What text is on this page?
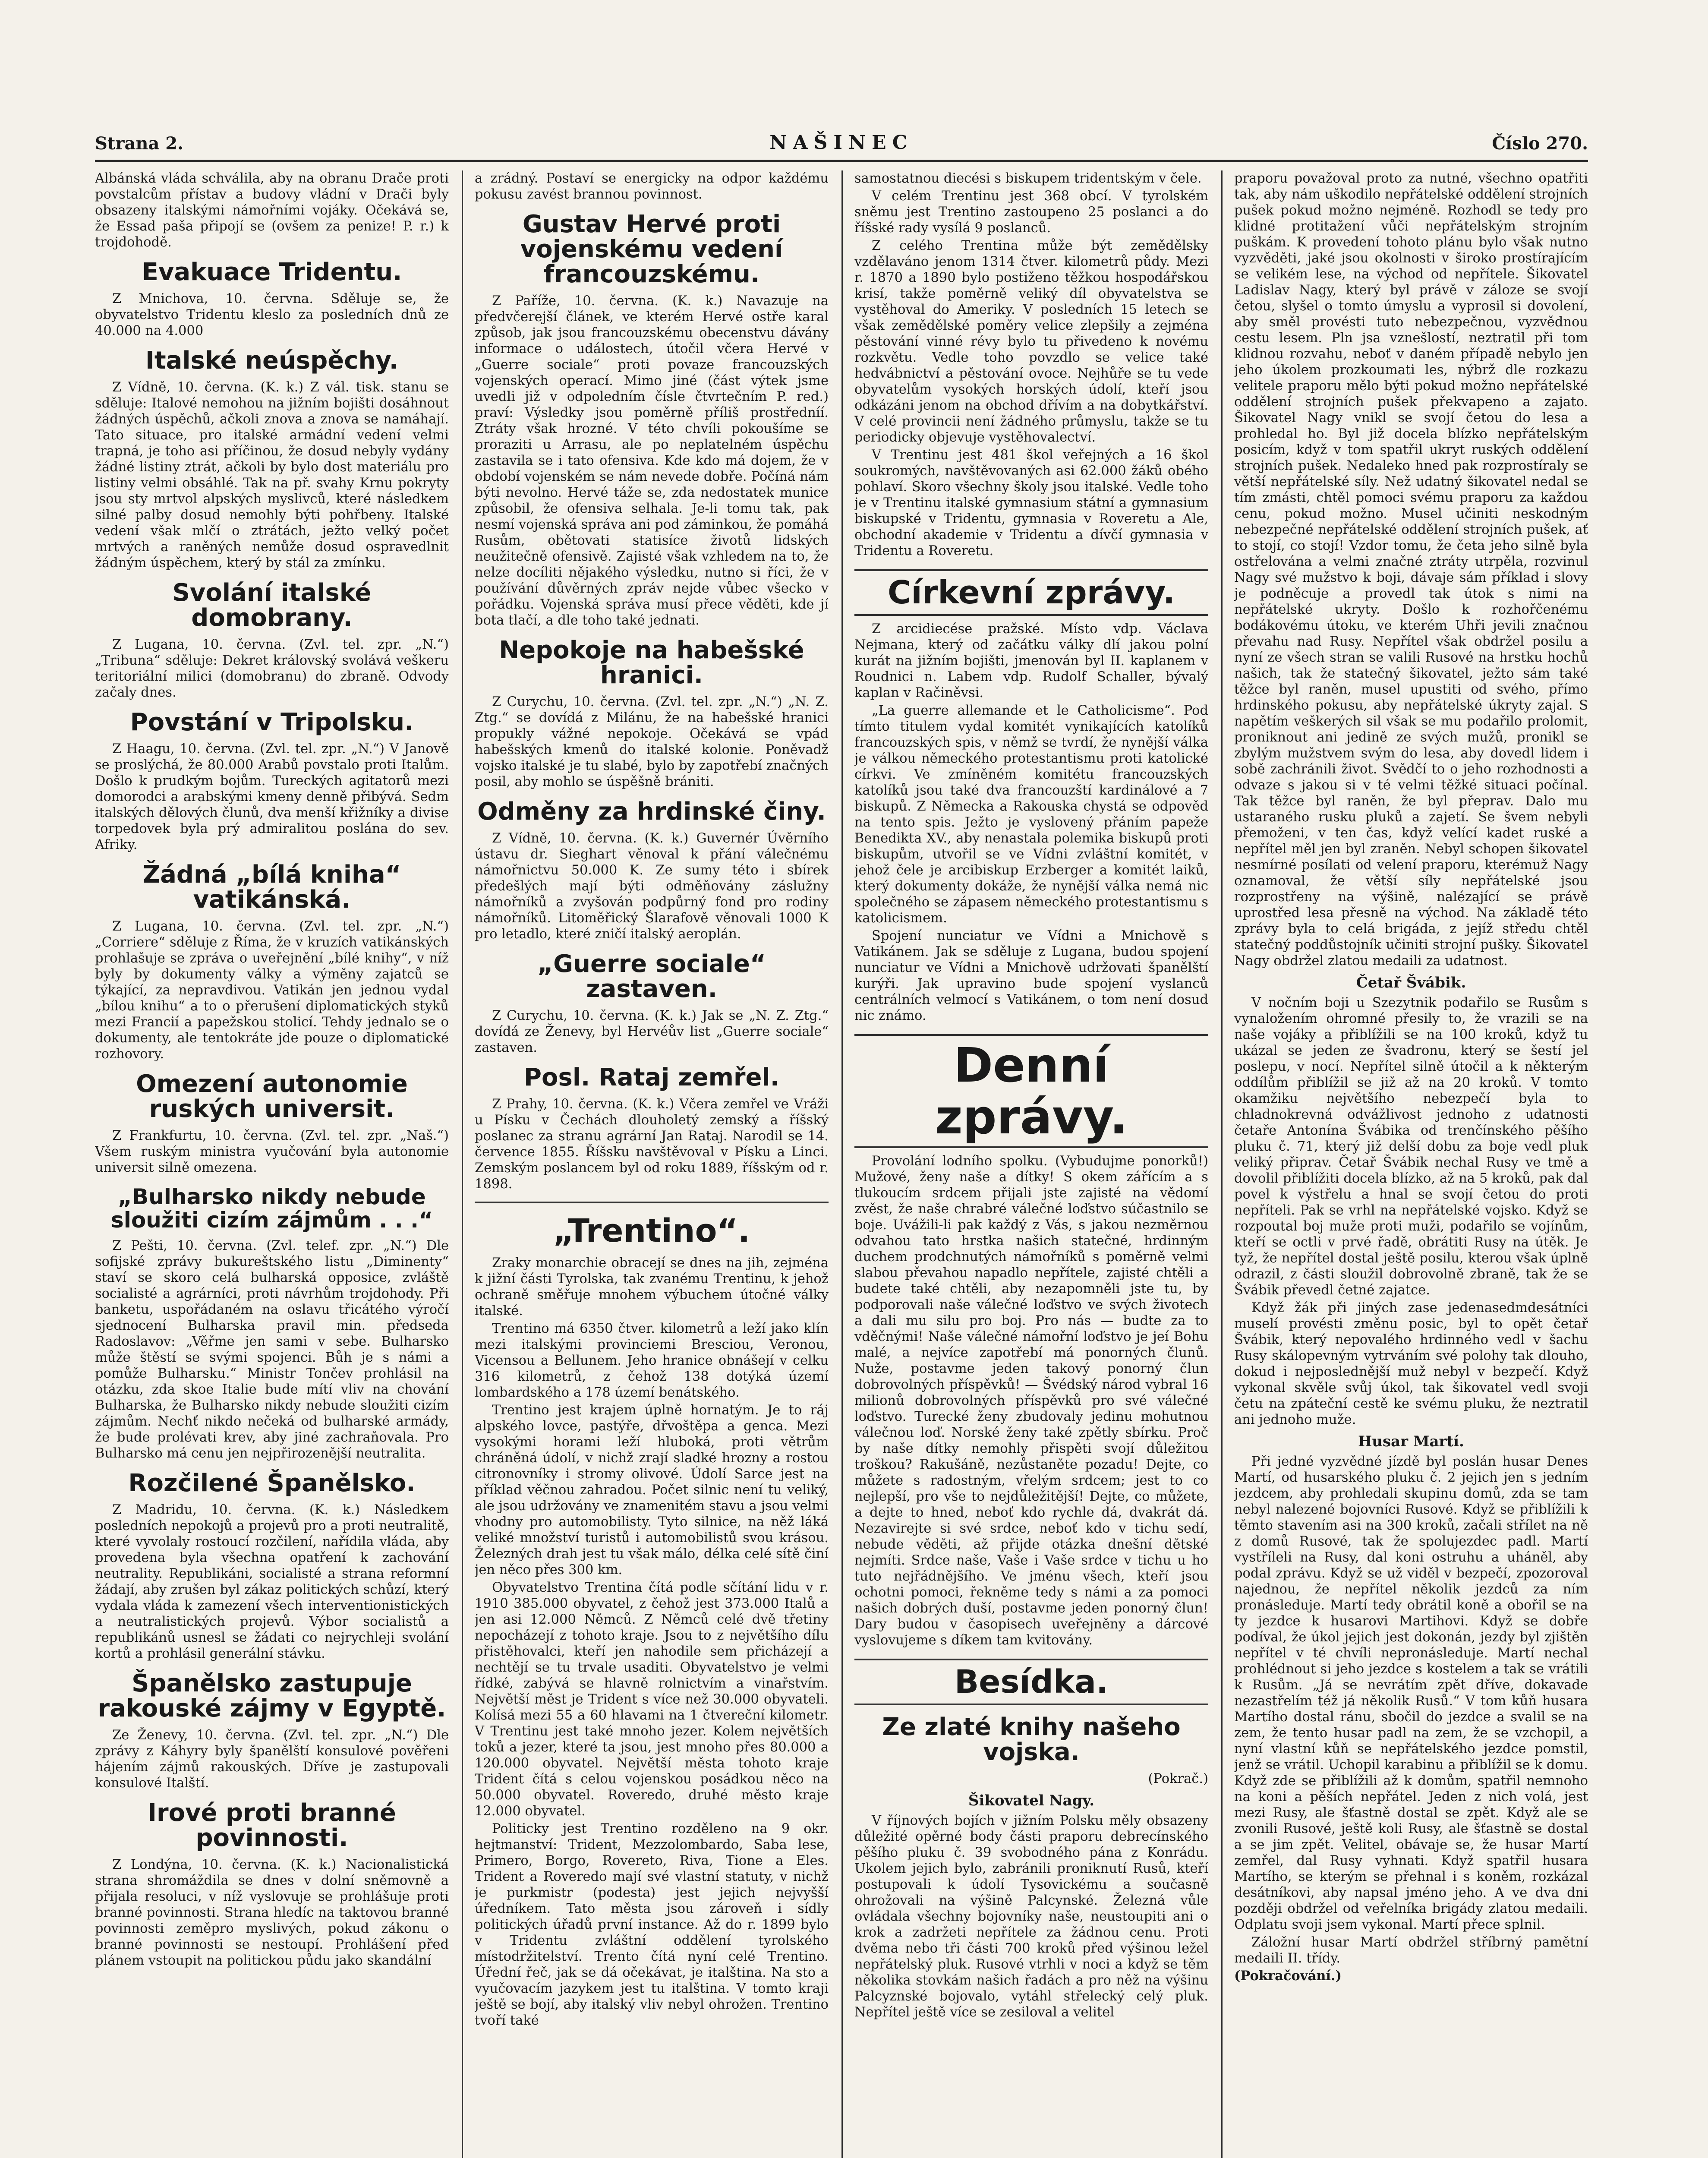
Strana 2.	NAŠINEC	Číslo 270.

Albánská vláda schválila, aby na obranu Drače proti povstalcům přístav a budovy vládní v Drači byly obsazeny italskými námořními vojáky. Očekává se, že Essad paša připojí se (ovšem za penize! P. r.) k trojdohodě.

Evakuace Tridentu.

Z Mnichova, 10. června. Sděluje se, že obyvatelstvo Tridentu kleslo za posledních dnů ze 40.000 na 4.000

Italské neúspěchy.

Z Vídně, 10. června. (K. k.) Z vál. tisk. stanu se sděluje: Italové nemohou na jižním bojišti dosáhnout žádných úspěchů, ačkoli znova a znova se namáhají. Tato situace, pro italské armádní vedení velmi trapná, je toho asi příčinou, že dosud nebyly vydány žádné listiny ztrát, ačkoli by bylo dost materiálu pro listiny velmi obsáhlé. Tak na př. svahy Krnu pokryty jsou sty mrtvol alpských myslivců, které následkem silné palby dosud nemohly býti pohřbeny. Italské vedení však mlčí o ztrátách, ježto velký počet mrtvých a raněných nemůže dosud ospravedlnit žádným úspěchem, který by stál za zmínku.

Svolání italské domobrany.

Z Lugana, 10. června. (Zvl. tel. zpr. „N.“) „Tribuna“ sděluje: Dekret královský svolává veškeru teritoriální milici (domobranu) do zbraně. Odvody začaly dnes.

Povstání v Tripolsku.

Z Haagu, 10. června. (Zvl. tel. zpr. „N.“) V Janově se proslýchá, že 80.000 Arabů povstalo proti Italům. Došlo k prudkým bojům. Tureckých agitatorů mezi domorodci a arabskými kmeny denně přibývá. Sedm italských dělových člunů, dva menší křižníky a divise torpedovek byla prý admiralitou poslána do sev. Afriky.

Žádná „bílá kniha“ vatikánská.

Z Lugana, 10. června. (Zvl. tel. zpr. „N.“) „Corriere“ sděluje z Říma, že v kruzích vatikánských prohlašuje se zpráva o uveřejnění „bílé knihy“, v níž byly by dokumenty války a výměny zajatců se týkající, za nepravdivou. Vatikán jen jednou vydal „bílou knihu“ a to o přerušení diplomatických styků mezi Francií a papežskou stolicí. Tehdy jednalo se o dokumenty, ale tentokráte jde pouze o diplomatické rozhovory.

Omezení autonomie ruských universit.

Z Frankfurtu, 10. června. (Zvl. tel. zpr. „Naš.“) Všem ruským ministra vyučování byla autonomie universit silně omezena.

„Bulharsko nikdy nebude sloužiti cizím zájmům . . .“

Z Pešti, 10. června. (Zvl. telef. zpr. „N.“) Dle sofijské zprávy bukureštského listu „Diminenty“ staví se skoro celá bulharská opposice, zvláště socialisté a agrárníci, proti návrhům trojdohody. Při banketu, uspořádaném na oslavu třicátého výročí sjednocení Bulharska pravil min. předseda Radoslavov: „Věřme jen sami v sebe. Bulharsko může štěstí se svými spojenci. Bůh je s námi a pomůže Bulharsku.“ Ministr Tončev prohlásil na otázku, zda skoe Italie bude mítí vliv na chování Bulharska, že Bulharsko nikdy nebude sloužiti cizím zájmům. Nechť nikdo nečeká od bulharské armády, že bude prolévati krev, aby jiné zachraňovala. Pro Bulharsko má cenu jen nejpřirozenější neutralita.

Rozčilené Španělsko.

Z Madridu, 10. června. (K. k.) Následkem posledních nepokojů a projevů pro a proti neutralitě, které vyvolaly rostoucí rozčilení, nařídila vláda, aby provedena byla všechna opatření k zachování neutrality. Republikáni, socialisté a strana reformní žádají, aby zrušen byl zákaz politických schůzí, který vydala vláda k zamezení všech interventionistických a neutralistických projevů. Výbor socialistů a republikánů usnesl se žádati co nejrychleji svolání kortů a prohlásil generální stávku.

Španělsko zastupuje rakouské zájmy v Egyptě.

Ze Ženevy, 10. června. (Zvl. tel. zpr. „N.“) Dle zprávy z Káhyry byly španělští konsulové pověřeni hájením zájmů rakouských. Dříve je zastupovali konsulové Italští.

Irové proti branné povinnosti.

Z Londýna, 10. června. (K. k.) Nacionalistická strana shromáždila se dnes v dolní sněmovně a přijala resoluci, v níž vyslovuje se prohlášuje proti branné povinnosti. Strana hledíc na taktovou branné povinnosti zeměpro myslivých, pokud zákonu o branné povinnosti se nestoupí. Prohlášení před plánem vstoupit na politickou půdu jako skandální

a zrádný. Postaví se energicky na odpor každému pokusu zavést brannou povinnost.

Gustav Hervé proti vojenskému vedení francouzskému.

Z Paříže, 10. června. (K. k.) Navazuje na předvčerejší článek, ve kterém Hervé ostře karal způsob, jak jsou francouzskému obecenstvu dávány informace o událostech, útočil včera Hervé v „Guerre sociale“ proti povaze francouzských vojenských operací. Mimo jiné (část výtek jsme uvedli již v odpoledním čísle čtvrtečním P. red.) praví: Výsledky jsou poměrně příliš prostředníí. Ztráty však hrozné. V této chvíli pokoušíme se proraziti u Arrasu, ale po neplatelném úspěchu zastavila se i tato ofensiva. Kde kdo má dojem, že v období vojenském se nám nevede dobře. Počíná nám býti nevolno. Hervé táže se, zda nedostatek munice způsobil, že ofensiva selhala. Je-li tomu tak, pak nesmí vojenská správa ani pod záminkou, že pomáhá Rusům, obětovati statisíce životů lidských neužitečně ofensivě. Zajisté však vzhledem na to, že nelze docíliti nějakého výsledku, nutno si říci, že v používání důvěrných zpráv nejde vůbec všecko v pořádku. Vojenská správa musí přece věděti, kde jí bota tlačí, a dle toho také jednati.

Nepokoje na habešské hranici.

Z Curychu, 10. června. (Zvl. tel. zpr. „N.“) „N. Z. Ztg.“ se dovídá z Milánu, že na habešské hranici propukly vážné nepokoje. Očekává se vpád habešských kmenů do italské kolonie. Poněvadž vojsko italské je tu slabé, bylo by zapotřebí značných posil, aby mohlo se úspěšně brániti.

Odměny za hrdinské činy.

Z Vídně, 10. června. (K. k.) Guvernér Úvěrního ústavu dr. Sieghart věnoval k přání válečnému námořnictvu 50.000 K. Ze sumy této i sbírek předešlých mají býti odměňovány záslužny námořníků a zvyšován podpůrný fond pro rodiny námořníků. Litoměřický Šlarafově věnovali 1000 K pro letadlo, které zničí italský aeroplán.

„Guerre sociale“ zastaven.

Z Curychu, 10. června. (K. k.) Jak se „N. Z. Ztg.“ dovídá ze Ženevy, byl Hervéův list „Guerre sociale“ zastaven.

Posl. Rataj zemřel.

Z Prahy, 10. června. (K. k.) Včera zemřel ve Vráži u Písku v Čechách dlouholetý zemský a říšský poslanec za stranu agrární Jan Rataj. Narodil se 14. července 1855. Říšsku navštěvoval v Písku a Linci. Zemským poslancem byl od roku 1889, říšským od r. 1898.

„Trentino“.

Zraky monarchie obracejí se dnes na jih, zejména k jižní části Tyrolska, tak zvanému Trentinu, k jehož ochraně směřuje mnohem výbuchem útočné války italské.

Trentino má 6350 čtver. kilometrů a leží jako klín mezi italskými provinciemi Bresciou, Veronou, Vicensou a Bellunem. Jeho hranice obnášejí v celku 316 kilometrů, z čehož 138 dotýká území lombardského a 178 území benátského.

Trentino jest krajem úplně hornatým. Je to ráj alpského lovce, pastýře, dřvoštěpa a genca. Mezi vysokými horami leží hluboká, proti větrům chráněná údolí, v nichž zrají sladké hrozny a rostou citronovníky i stromy olivové. Údolí Sarce jest na příklad věčnou zahradou. Počet silnic není tu veliký, ale jsou udržovány ve znamenitém stavu a jsou velmi vhodny pro automobilisty. Tyto silnice, na něž láká veliké množství turistů i automobilistů svou krásou. Železných drah jest tu však málo, délka celé sítě činí jen něco přes 300 km.

Obyvatelstvo Trentina čítá podle sčítání lidu v r. 1910 385.000 obyvatel, z čehož jest 373.000 Italů a jen asi 12.000 Němců. Z Němců celé dvě třetiny nepocházejí z tohoto kraje. Jsou to z největšího dílu přistěhovalci, kteří jen nahodile sem přicházejí a nechtějí se tu trvale usaditi. Obyvatelstvo je velmi řídké, zabývá se hlavně rolnictvím a vinařstvím. Největší měst je Trident s více než 30.000 obyvateli. Kolísá mezi 55 a 60 hlavami na 1 čtvereční kilometr. V Trentinu jest také mnoho jezer. Kolem největších toků a jezer, které ta jsou, jest mnoho přes 80.000 a 120.000 obyvatel. Největší města tohoto kraje Trident čítá s celou vojenskou posádkou něco na 50.000 obyvatel. Roveredo, druhé město kraje 12.000 obyvatel.

Politicky jest Trentino rozděleno na 9 okr. hejtmanství: Trident, Mezzolombardo, Saba lese, Primero, Borgo, Rovereto, Riva, Tione a Eles. Trident a Roveredo mají své vlastní statuty, v nichž je purkmistr (podesta) jest jejich nejvyšší úředníkem. Tato města jsou zároveň i sídly politických úřadů první instance. Až do r. 1899 bylo v Tridentu zvláštní oddělení tyrolského místodržitelství. Trento čítá nyní celé Trentino. Úřední řeč, jak se dá očekávat, je italština. Na sto a vyučovacím jazykem jest tu italština. V tomto kraji ještě se bojí, aby italský vliv nebyl ohrožen. Trentino tvoří také

samostatnou diecési s biskupem tridentským v čele.

V celém Trentinu jest 368 obcí. V tyrolském sněmu jest Trentino zastoupeno 25 poslanci a do říšské rady vysílá 9 poslanců.

Z celého Trentina může být zemědělsky vzdělaváno jenom 1314 čtver. kilometrů půdy. Mezi r. 1870 a 1890 bylo postiženo těžkou hospodářskou krisí, takže poměrně veliký díl obyvatelstva se vystěhoval do Ameriky. V posledních 15 letech se však zemědělské poměry velice zlepšily a zejména pěstování vinné révy bylo tu přivedeno k novému rozkvětu. Vedle toho povzdlo se velice také hedvábnictví a pěstování ovoce. Nejhůře se tu vede obyvatelům vysokých horských údolí, kteří jsou odkázáni jenom na obchod dřívím a na dobytkářství. V celé provincii není žádného průmyslu, takže se tu periodicky objevuje vystěhovalectví.

V Trentinu jest 481 škol veřejných a 16 škol soukromých, navštěvovaných asi 62.000 žáků obého pohlaví. Skoro všechny školy jsou italské. Vedle toho je v Trentinu italské gymnasium státní a gymnasium biskupské v Tridentu, gymnasia v Roveretu a Ale, obchodní akademie v Tridentu a dívčí gymnasia v Tridentu a Roveretu.

Církevní zprávy.

Z arcidiecése pražské. Místo vdp. Václava Nejmana, který od začátku války dlí jakou polní kurát na jižním bojišti, jmenován byl II. kaplanem v Roudnici n. Labem vdp. Rudolf Schaller, bývalý kaplan v Račiněvsi.

„La guerre allemande et le Catholicisme“. Pod tímto titulem vydal komitét vynikajících katolíků francouzských spis, v němž se tvrdí, že nynější válka je válkou německého protestantismu proti katolické církvi. Ve zmíněném komitétu francouzských katolíků jsou také dva francouzští kardinálové a 7 biskupů. Z Německa a Rakouska chystá se odpověď na tento spis. Ježto je vyslovený přáním papeže Benedikta XV., aby nenastala polemika biskupů proti biskupům, utvořil se ve Vídni zvláštní komitét, v jehož čele je arcibiskup Erzberger a komitét laiků, který dokumenty dokáže, že nynější válka nemá nic společného se zápasem německého protestantismu s katolicismem.

Spojení nunciatur ve Vídni a Mnichově s Vatikánem. Jak se sděluje z Lugana, budou spojení nunciatur ve Vídni a Mnichově udržovati španělští kurýři. Jak upravino bude spojení vyslanců centrálních velmocí s Vatikánem, o tom není dosud nic známo.

Denní zprávy.

Provolání lodního spolku. (Vybudujme ponorků!) Mužové, ženy naše a dítky! S okem zářícím a s tlukoucím srdcem přijali jste zajisté na vědomí zvěst, že naše chrabré válečné loďstvo súčastnilo se boje. Uvážili-li pak každý z Vás, s jakou nezměrnou odvahou tato hrstka našich statečné, hrdinným duchem prodchnutých námořníků s poměrně velmi slabou převahou napadlo nepřítele, zajisté chtěli a budete také chtěli, aby nezapomněli jste tu, by podporovali naše válečné loďstvo ve svých životech a dali mu silu pro boj. Pro nás — budte za to vděčnými! Naše válečné námořní loďstvo je jeí Bohu malé, a nejvíce zapotřebí má ponorných člunů. Nuže, postavme jeden takový ponorný člun dobrovolných příspěvků! — Švédský národ vybral 16 milionů dobrovolných příspěvků pro své válečné loďstvo. Turecké ženy zbudovaly jedinu mohutnou válečnou loď. Norské ženy také zpětly sbírku. Proč by naše dítky nemohly přispěti svojí důležitou troškou? Rakušáně, nezůstaněte pozadu! Dejte, co můžete s radostným, vřelým srdcem; jest to co nejlepší, pro vše to nejdůležitější! Dejte, co můžete, a dejte to hned, neboť kdo rychle dá, dvakrát dá. Nezavirejte si své srdce, neboť kdo v tichu sedí, nebude věděti, až přijde otázka dnešní dětské nejmíti. Srdce naše, Vaše i Vaše srdce v tichu u ho tuto nejřádnějšího. Ve jménu všech, kteří jsou ochotni pomoci, řekněme tedy s námi a za pomoci našich dobrých duší, postavme jeden ponorný člun! Dary budou v časopisech uveřejněny a dárcové vyslovujeme s díkem tam kvitovány.

Besídka.
Ze zlaté knihy našeho vojska.

(Pokrač.)

Šikovatel Nagy.

V říjnových bojích v jižním Polsku měly obsazeny důležité opěrné body části praporu debrecínského pěšího pluku č. 39 svobodného pána z Konrádu. Ukolem jejich bylo, zabránili proniknutí Rusů, kteří postupovali k údolí Tysovickému a současně ohrožovali na výšině Palcynské. Železná vůle ovládala všechny bojovníky naše, neustoupiti ani o krok a zadržeti nepřítele za žádnou cenu. Proti dvěma nebo tři části 700 kroků před výšinou ležel nepřátelský pluk. Rusové vtrhli v noci a když se těm několika stovkám našich řadách a pro něž na výšinu Palcyznské bojovalo, vytáhl střelecký celý pluk. Nepřítel ještě více se zesiloval a velitel

praporu považoval proto za nutné, všechno opatřiti tak, aby nám uškodilo nepřátelské oddělení strojních pušek pokud možno nejméně. Rozhodl se tedy pro klidné protitažení vůči nepřátelským strojním puškám. K provedení tohoto plánu bylo však nutno vyzvěděti, jaké jsou okolnosti v široko prostírajícím se velikém lese, na východ od nepřítele. Šikovatel Ladislav Nagy, který byl právě v záloze se svojí četou, slyšel o tomto úmyslu a vyprosil si dovolení, aby směl provésti tuto nebezpečnou, vyzvědnou cestu lesem. Pln jsa vznešlostí, neztratil při tom klidnou rozvahu, neboť v daném případě nebylo jen jeho úkolem prozkoumati les, nýbrž dle rozkazu velitele praporu mělo býti pokud možno nepřátelské oddělení strojních pušek překvapeno a zajato. Šikovatel Nagy vnikl se svojí četou do lesa a prohledal ho. Byl již docela blízko nepřátelským posicím, když v tom spatřil ukryt ruských oddělení strojních pušek. Nedaleko hned pak rozprostíraly se větší nepřátelské síly. Než udatný šikovatel nedal se tím zmásti, chtěl pomoci svému praporu za každou cenu, pokud možno. Musel učiniti neskodným nebezpečné nepřátelské oddělení strojních pušek, ať to stojí, co stojí! Vzdor tomu, že četa jeho silně byla ostřelována a velmi značné ztráty utrpěla, rozvinul Nagy své mužstvo k boji, dávaje sám příklad i slovy je podněcuje a provedl tak útok s nimi na nepřátelské ukryty. Došlo k rozhořčenému bodákovému útoku, ve kterém Uhři jevili značnou převahu nad Rusy. Nepřítel však obdržel posilu a nyní ze všech stran se valili Rusové na hrstku hochů našich, tak že statečný šikovatel, ježto sám také těžce byl raněn, musel upustiti od svého, přímo hrdinského pokusu, aby nepřátelské úkryty zajal. S napětím veškerých sil však se mu podařilo prolomit, proniknout ani jedině ze svých mužů, pronikl se zbylým mužstvem svým do lesa, aby dovedl lidem i sobě zachránili život. Svědčí to o jeho rozhodnosti a odvaze s jakou si v té velmi těžké situaci počínal. Tak těžce byl raněn, že byl přeprav. Dalo mu ustaraného rusku pluků a zajetí. Se švem nebyli přemoženi, v ten čas, když velící kadet ruské a nepřítel měl jen byl zraněn. Nebyl schopen šikovatel nesmírné posílati od velení praporu, kterémuž Nagy oznamoval, že větší síly nepřátelské jsou rozprostřeny na výšině, nalézající se právě uprostřed lesa přesně na východ. Na základě této zprávy byla to celá brigáda, z jejíž středu chtěl statečný poddůstojník učiniti strojní pušky. Šikovatel Nagy obdržel zlatou medaili za udatnost.

Četař Švábik.

V nočním boji u Szezytnik podařilo se Rusům s vynaložením ohromné přesily to, že vrazili se na naše vojáky a přiblížili se na 100 kroků, když tu ukázal se jeden ze švadronu, který se šestí jel poslepu, v nocí. Nepřítel silně útočil a k některým oddílům přiblížil se již až na 20 kroků. V tomto okamžiku největšího nebezpečí byla to chladnokrevná odvážlivost jednoho z udatnosti četaře Antonína Švábika od trenčínského pěšího pluku č. 71, který již delší dobu za boje vedl pluk veliký připrav. Četař Švábik nechal Rusy ve tmě a dovolil přiblížiti docela blízko, až na 5 kroků, pak dal povel k výstřelu a hnal se svojí četou do proti nepříteli. Pak se vrhl na nepřátelské vojsko. Když se rozpoutal boj muže proti muži, podařilo se vojínům, kteří se octli v prvé řadě, obrátiti Rusy na útěk. Je tyž, že nepřítel dostal ještě posilu, kterou však úplně odrazil, z části sloužil dobrovolně zbraně, tak že se Švábik převedl četné zajatce.

Když žák při jiných zase jedenasedmdesátníci muselí provésti změnu posic, byl to opět četař Švábik, který nepovalého hrdinného vedl v šachu Rusy skálopevným vytrváním své polohy tak dlouho, dokud i nejposlednější muž nebyl v bezpečí. Když vykonal skvěle svůj úkol, tak šikovatel vedl svoji četu na zpáteční cestě ke svému pluku, že neztratil ani jednoho muže.

Husar Martí.

Při jedné vyzvědné jízdě byl poslán husar Denes Martí, od husarského pluku č. 2 jejich jen s jedním jezdcem, aby prohledali skupinu domů, zda se tam nebyl nalezené bojovníci Rusové. Když se přiblížili k těmto stavením asi na 300 kroků, začali střílet na ně z domů Rusové, tak že spolujezdec padl. Martí vystříleli na Rusy, dal koni ostruhu a uháněl, aby podal zprávu. Když se už viděl v bezpečí, zpozoroval najednou, že nepřítel několik jezdců za ním pronásleduje. Martí tedy obrátil koně a obořil se na ty jezdce k husarovi Martihovi. Když se dobře podíval, že úkol jejich jest dokonán, jezdy byl zjištěn nepřítel v té chvíli nepronásleduje. Martí nechal prohlédnout si jeho jezdce s kostelem a tak se vrátili k Rusům. „Já se nevrátím zpět dříve, dokavade nezastřelím též já několik Rusů.“ V tom kůň husara Martího dostal ránu, sbočil do jezdce a svalil se na zem, že tento husar padl na zem, že se vzchopil, a nyní vlastní kůň se nepřátelského jezdce pomstil, jenž se vrátil. Uchopil karabinu a přiblížil se k domu. Když zde se přiblížili až k domům, spatřil nemnoho na koni a pěších nepřátel. Jeden z nich volá, jest mezi Rusy, ale šťastně dostal se zpět. Když ale se zvonili Rusové, ještě koli Rusy, ale šťastně se dostal a se jim zpět. Velitel, obávaje se, že husar Martí zemřel, dal Rusy vyhnati. Když spatřil husara Martího, se kterým se přehnal i s koněm, rozkázal desátníkovi, aby napsal jméno jeho. A ve dva dni později obdržel od veřelníka brigády zlatou medaili. Odplatu svoji jsem vykonal. Martí přece splnil.

Záložní husar Martí obdržel stříbrný pamětní medaili II. třídy.

(Pokračování.)
